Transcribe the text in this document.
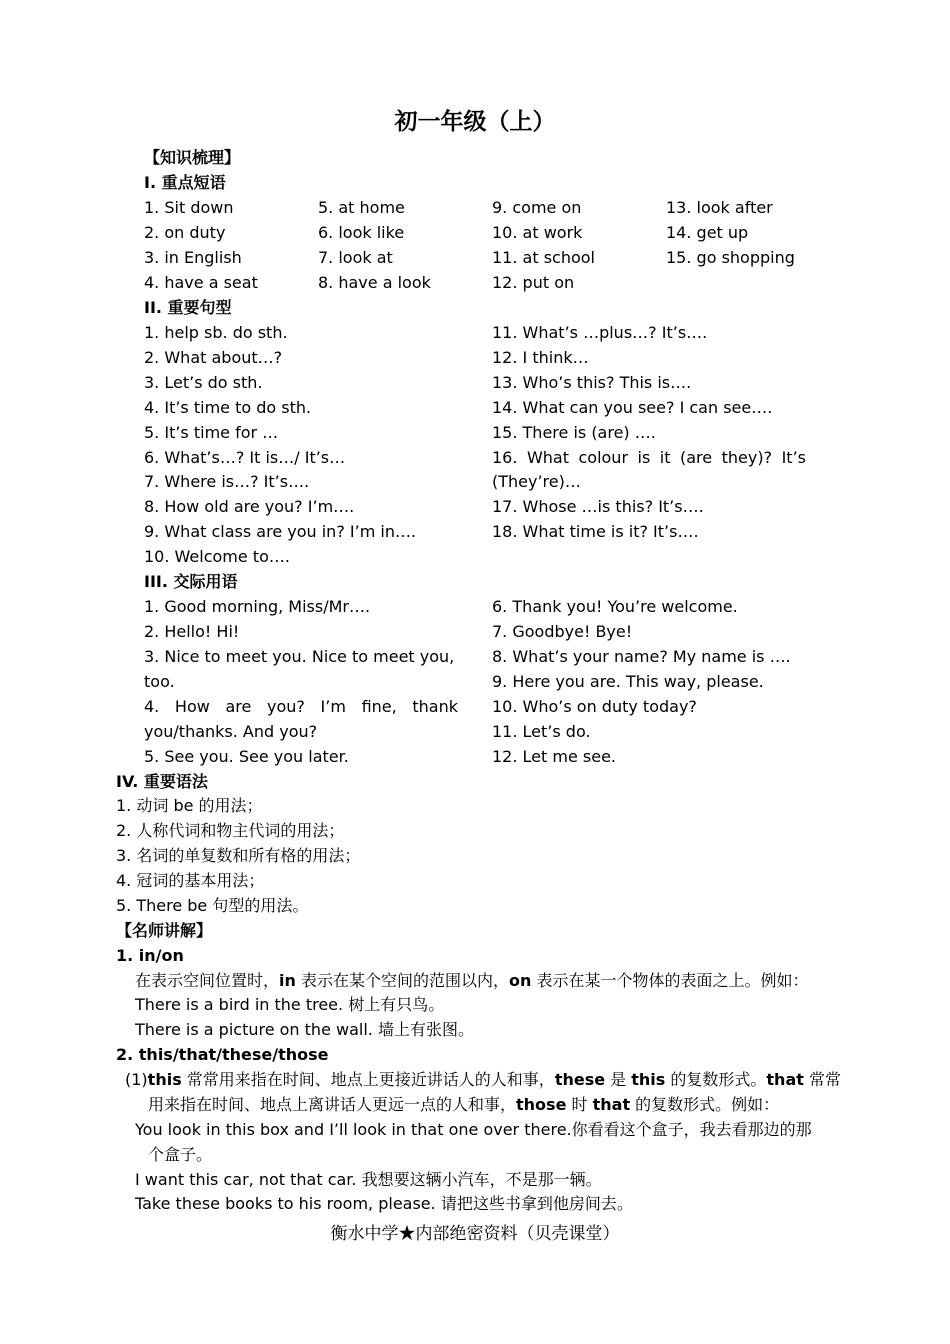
初一年级（上）
【知识梳理】
I. 重点短语
1. Sit down
2. on duty
3. in English
4. have a seat
5. at home
6. look like
7. look at
8. have a look
9. come on
10. at work
11. at school
12. put on
13. look after
14. get up
15. go shopping
II. 重要句型
1. help sb. do sth.
2. What about…?
3. Let’s do sth.
4. It’s time to do sth.
5. It’s time for …
6. What’s…? It is…/ It’s…
7. Where is…? It’s….
8. How old are you? I’m….
9. What class are you in? I’m in….
10. Welcome to….
11. What’s …plus…? It’s….
12. I think…
13. Who’s this? This is….
14. What can you see? I can see….
15. There is (are) ….
16. What colour is it (are they)? It’s
(They’re)…
17. Whose …is this? It’s….
18. What time is it? It’s….
III. 交际用语
1. Good morning, Miss/Mr….
2. Hello! Hi!
3. Nice to meet you. Nice to meet you,
too.
4. How are you? I’m fine, thank
you/thanks. And you?
5. See you. See you later.
6. Thank you! You’re welcome.
7. Goodbye! Bye!
8. What’s your name? My name is ….
9. Here you are. This way, please.
10. Who’s on duty today?
11. Let’s do.
12. Let me see.
IV. 重要语法
1. 动词 be 的用法；
2. 人称代词和物主代词的用法；
3. 名词的单复数和所有格的用法；
4. 冠词的基本用法；
5. There be 句型的用法。
【名师讲解】
1. in/on
在表示空间位置时，in 表示在某个空间的范围以内，on 表示在某一个物体的表面之上。例如：
There is a bird in the tree. 树上有只鸟。
There is a picture on the wall. 墙上有张图。
2. this/that/these/those
(1)this 常常用来指在时间、地点上更接近讲话人的人和事，these 是 this 的复数形式。that 常常
用来指在时间、地点上离讲话人更远一点的人和事，those 时 that 的复数形式。例如：
You look in this box and I’ll look in that one over there.你看看这个盒子，我去看那边的那
个盒子。
I want this car, not that car. 我想要这辆小汽车，不是那一辆。
Take these books to his room, please. 请把这些书拿到他房间去。
衡水中学★内部绝密资料（贝壳课堂）
